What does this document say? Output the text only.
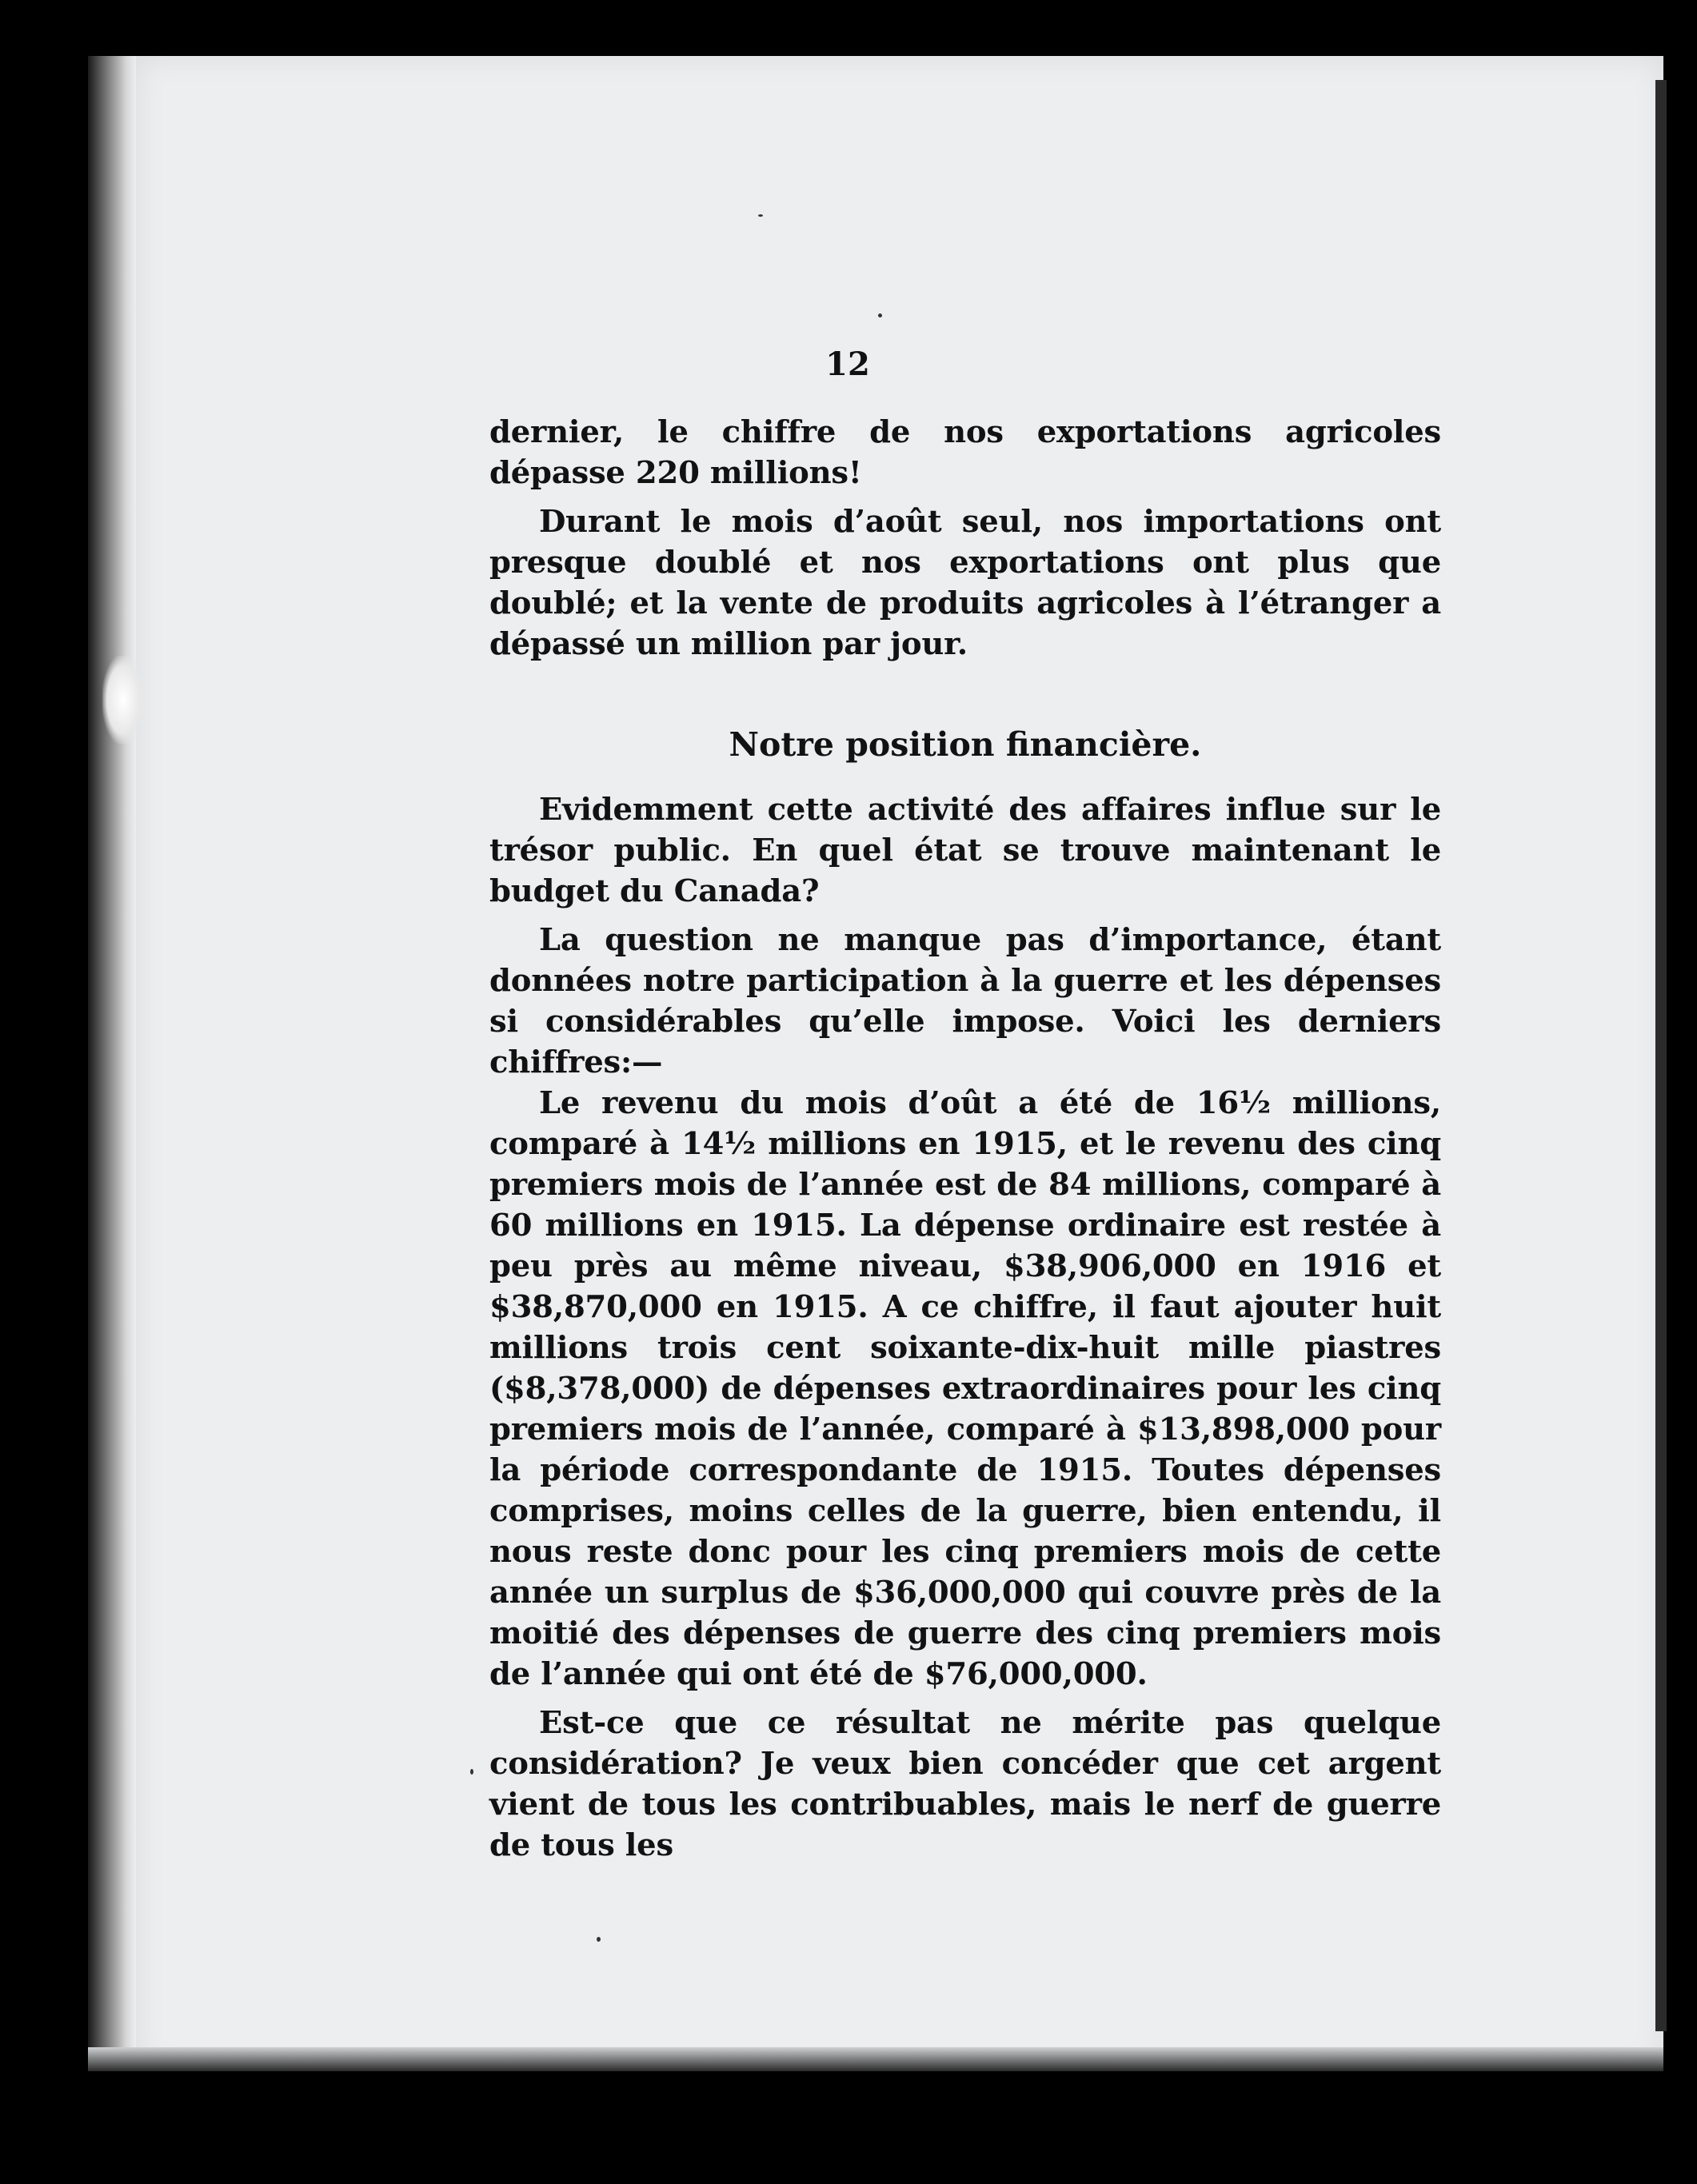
12

dernier, le chiffre de nos exportations agricoles dépasse 220 millions!

Durant le mois d’août seul, nos importations ont presque doublé et nos exportations ont plus que doublé; et la vente de produits agricoles à l’étranger a dépassé un million par jour.

Notre position financière.

Evidemment cette activité des affaires influe sur le trésor public. En quel état se trouve maintenant le budget du Canada?

La question ne manque pas d’importance, étant données notre participation à la guerre et les dépenses si considérables qu’elle impose. Voici les derniers chiffres:—

Le revenu du mois d’oût a été de 16½ millions, comparé à 14½ millions en 1915, et le revenu des cinq premiers mois de l’année est de 84 millions, comparé à 60 millions en 1915. La dépense ordinaire est restée à peu près au même niveau, $38,906,000 en 1916 et $38,870,000 en 1915. A ce chiffre, il faut ajouter huit millions trois cent soixante-dix-huit mille piastres ($8,378,000) de dépenses extraordinaires pour les cinq premiers mois de l’année, comparé à $13,898,000 pour la période correspondante de 1915. Toutes dépenses comprises, moins celles de la guerre, bien entendu, il nous reste donc pour les cinq premiers mois de cette année un surplus de $36,000,000 qui couvre près de la moitié des dépenses de guerre des cinq premiers mois de l’année qui ont été de $76,000,000.

Est-ce que ce résultat ne mérite pas quelque considération? Je veux bien concéder que cet argent vient de tous les contribuables, mais le nerf de guerre de tous les
